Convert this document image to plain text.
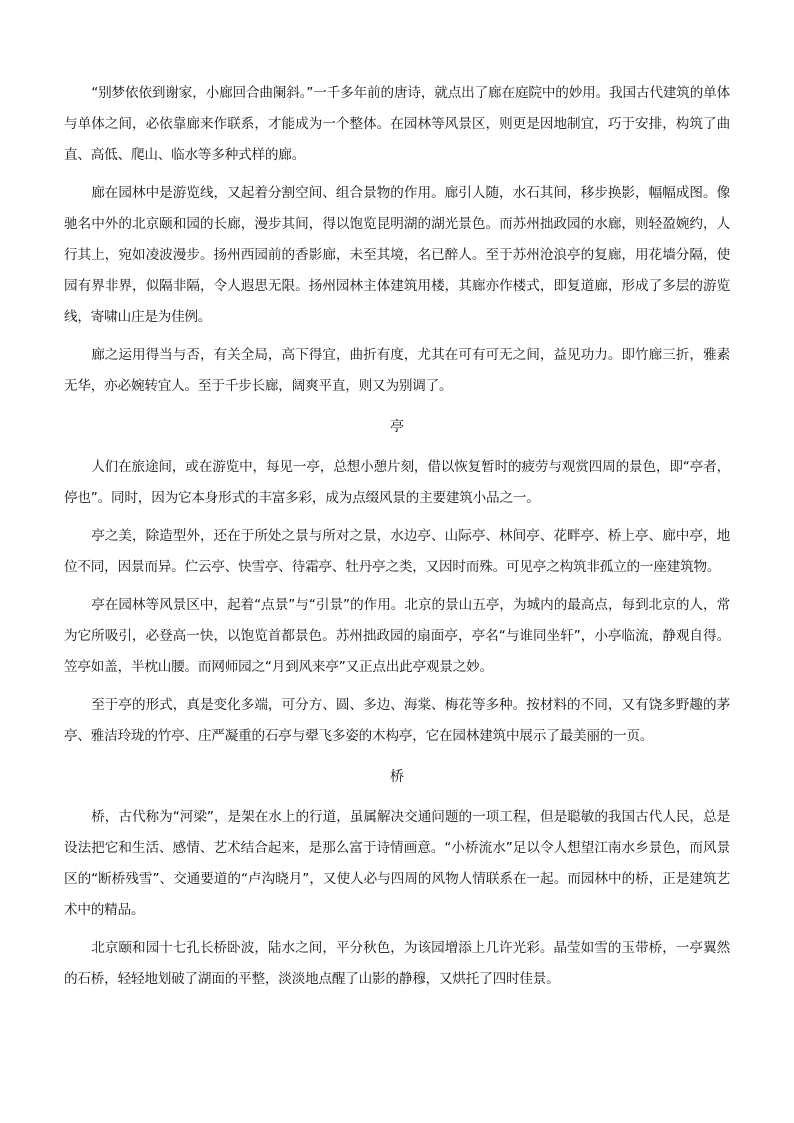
“别梦依依到谢家，小廊回合曲阑斜。”一千多年前的唐诗，就点出了廊在庭院中的妙用。我国古代建筑的单体与单体之间，必依靠廊来作联系，才能成为一个整体。在园林等风景区，则更是因地制宜，巧于安排，构筑了曲直、高低、爬山、临水等多种式样的廊。

廊在园林中是游览线，又起着分割空间、组合景物的作用。廊引人随，水石其间，移步换影，幅幅成图。像驰名中外的北京颐和园的长廊，漫步其间，得以饱览昆明湖的湖光景色。而苏州拙政园的水廊，则轻盈婉约，人行其上，宛如凌波漫步。扬州西园前的香影廊，未至其境，名已醉人。至于苏州沧浪亭的复廊，用花墙分隔，使园有界非界，似隔非隔，令人遐思无限。扬州园林主体建筑用楼，其廊亦作楼式，即复道廊，形成了多层的游览线，寄啸山庄是为佳例。

廊之运用得当与否，有关全局，高下得宜，曲折有度，尤其在可有可无之间，益见功力。即竹廊三折，雅素无华，亦必婉转宜人。至于千步长廊，阔爽平直，则又为别调了。

亭

人们在旅途间，或在游览中，每见一亭，总想小憩片刻，借以恢复暂时的疲劳与观赏四周的景色，即“亭者，停也”。同时，因为它本身形式的丰富多彩，成为点缀风景的主要建筑小品之一。

亭之美，除造型外，还在于所处之景与所对之景，水边亭、山际亭、林间亭、花畔亭、桥上亭、廊中亭，地位不同，因景而异。伫云亭、快雪亭、待霜亭、牡丹亭之类，又因时而殊。可见亭之构筑非孤立的一座建筑物。

亭在园林等风景区中，起着“点景”与“引景”的作用。北京的景山五亭，为城内的最高点，每到北京的人，常为它所吸引，必登高一快，以饱览首都景色。苏州拙政园的扇面亭，亭名“与谁同坐轩”，小亭临流，静观自得。笠亭如盖，半枕山腰。而网师园之“月到风来亭”又正点出此亭观景之妙。

至于亭的形式，真是变化多端，可分方、圆、多边、海棠、梅花等多种。按材料的不同，又有饶多野趣的茅亭、雅洁玲珑的竹亭、庄严凝重的石亭与翚飞多姿的木构亭，它在园林建筑中展示了最美丽的一页。

桥

桥，古代称为“河梁”，是架在水上的行道，虽属解决交通问题的一项工程，但是聪敏的我国古代人民，总是设法把它和生活、感情、艺术结合起来，是那么富于诗情画意。“小桥流水”足以令人想望江南水乡景色，而风景区的“断桥残雪”、交通要道的“卢沟晓月”，又使人必与四周的风物人情联系在一起。而园林中的桥，正是建筑艺术中的精品。

北京颐和园十七孔长桥卧波，陆水之间，平分秋色，为该园增添上几许光彩。晶莹如雪的玉带桥，一亭翼然的石桥，轻轻地划破了湖面的平整，淡淡地点醒了山影的静穆，又烘托了四时佳景。
